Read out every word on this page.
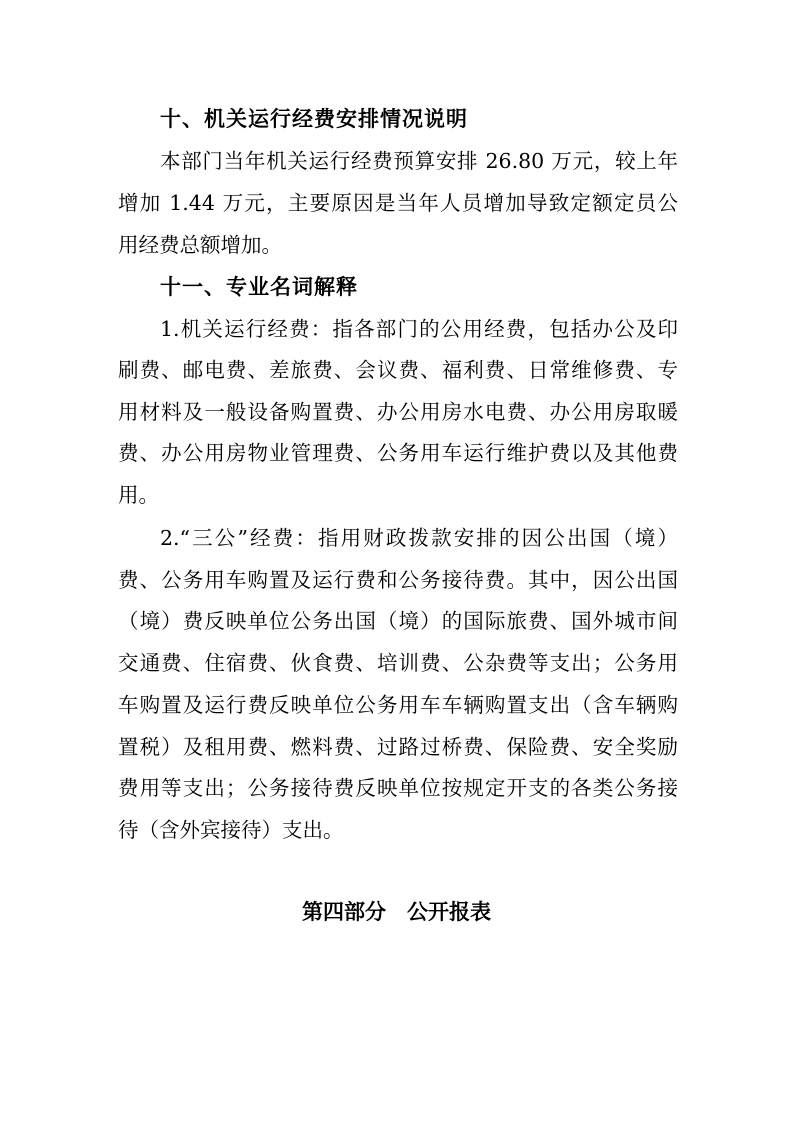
十、机关运行经费安排情况说明

本部门当年机关运行经费预算安排 26.80 万元，较上年

增加 1.44 万元，主要原因是当年人员增加导致定额定员公

用经费总额增加。

十一、专业名词解释

1.机关运行经费：指各部门的公用经费，包括办公及印

刷费、邮电费、差旅费、会议费、福利费、日常维修费、专

用材料及一般设备购置费、办公用房水电费、办公用房取暖

费、办公用房物业管理费、公务用车运行维护费以及其他费

用。

2.“三公”经费：指用财政拨款安排的因公出国（境）

费、公务用车购置及运行费和公务接待费。其中，因公出国

（境）费反映单位公务出国（境）的国际旅费、国外城市间

交通费、住宿费、伙食费、培训费、公杂费等支出；公务用

车购置及运行费反映单位公务用车车辆购置支出（含车辆购

置税）及租用费、燃料费、过路过桥费、保险费、安全奖励

费用等支出；公务接待费反映单位按规定开支的各类公务接

待（含外宾接待）支出。

第四部分　公开报表
